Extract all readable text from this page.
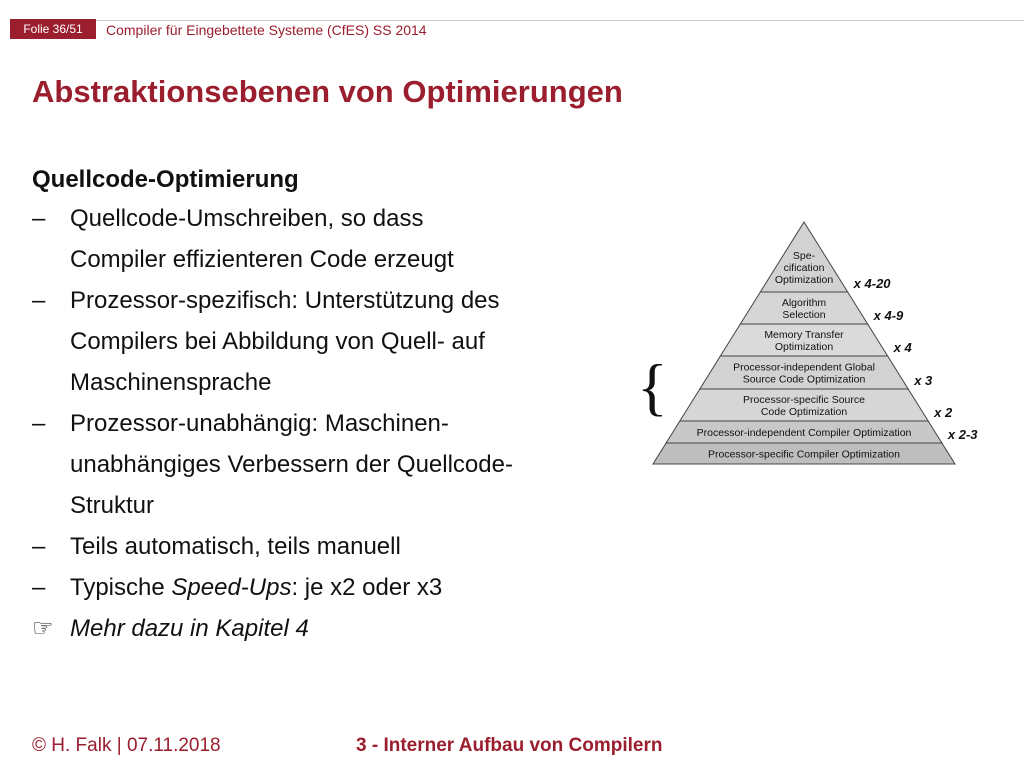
Folie 36/51	Compiler für Eingebettete Systeme (CfES) SS 2014
Abstraktionsebenen von Optimierungen
Quellcode-Optimierung
–	Quellcode-Umschreiben, so dass
Compiler effizienteren Code erzeugt
–	Prozessor-spezifisch: Unterstützung des
Compilers bei Abbildung von Quell- auf
Maschinensprache
–	Prozessor-unabhängig: Maschinen-
unabhängiges Verbessern der Quellcode-
Struktur
–	Teils automatisch, teils manuell
–	Typische Speed-Ups: je x2 oder x3
☞ Mehr dazu in Kapitel 4
{
Spe-
cification
Optimization x 4-20
Algorithm
Selection	x 4-9
Memory Transfer
Optimization	x 4
Processor-independent Global
Source Code Optimization	x 3
Processor-specific Source
Code Optimization	x 2
Processor-independent Compiler Optimization	x 2-3
Processor-specific Compiler Optimization
© H. Falk | 07.11.2018	3 - Interner Aufbau von Compilern
